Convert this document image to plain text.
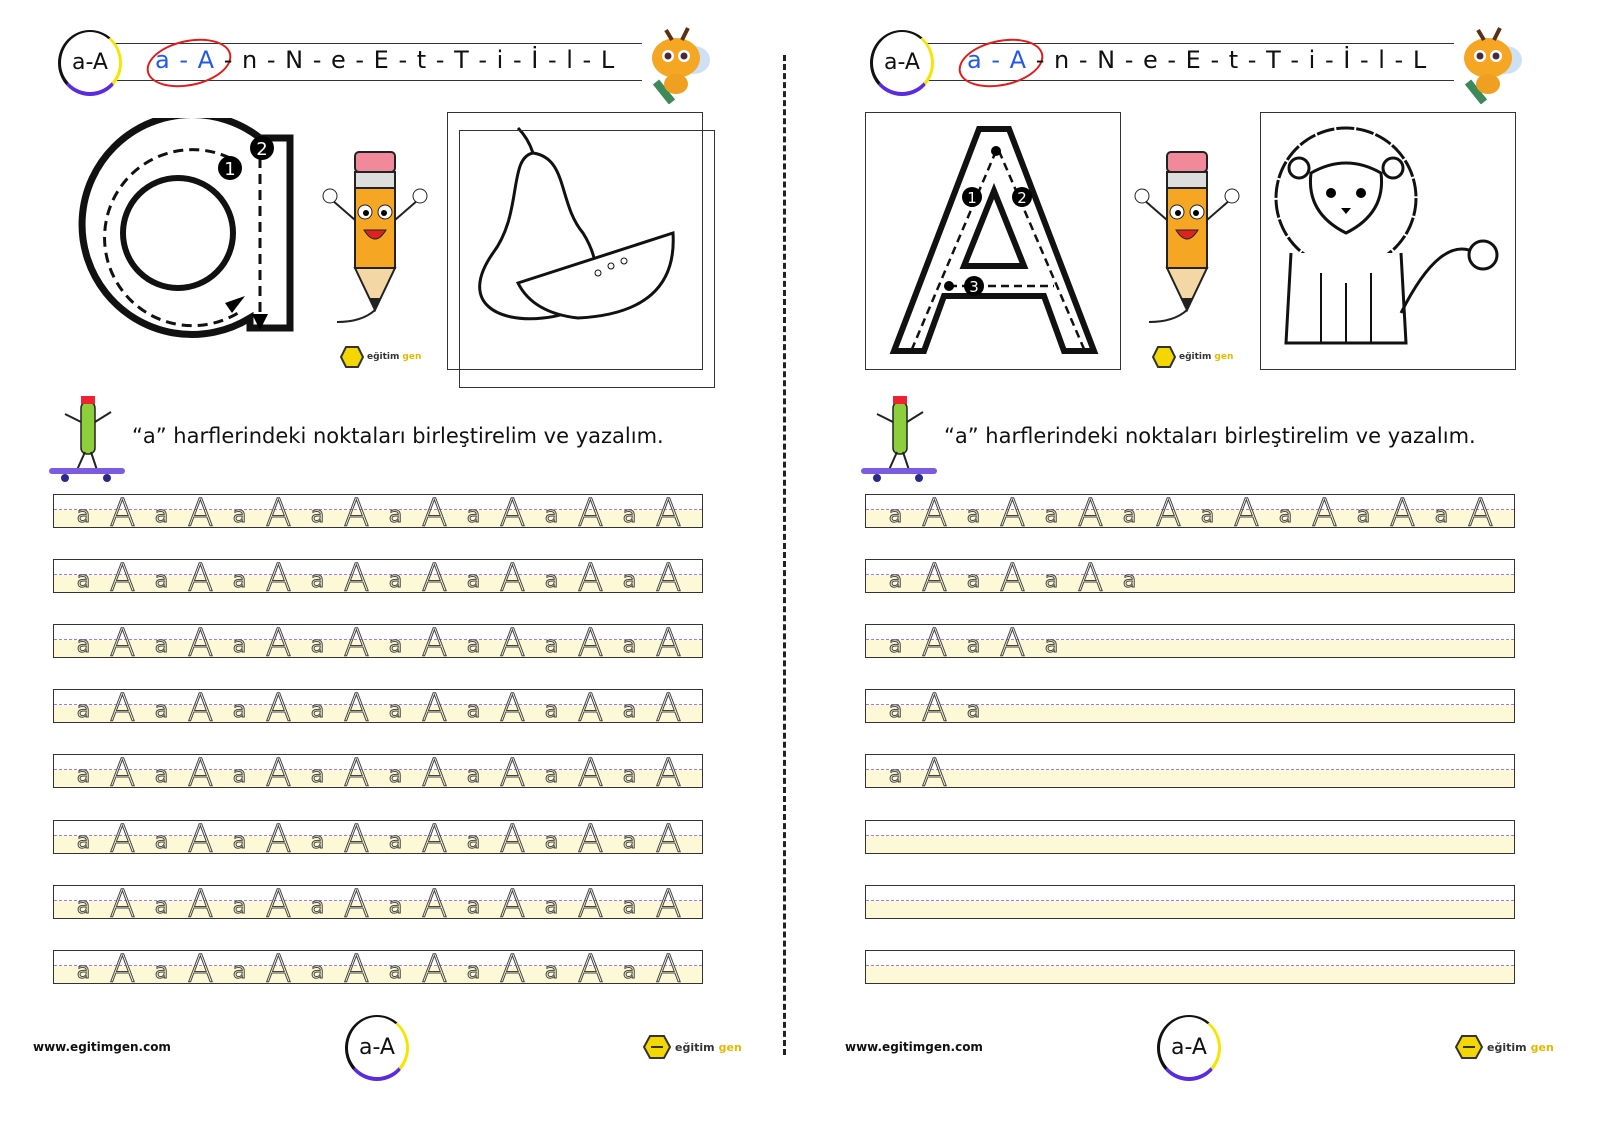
a-A	a - A - n - N - e - E - t - T - i - İ - l - L
1
2
eğitim gen
“a” harflerindeki noktaları birleştirelim ve yazalım.
a A a A a A a A a A a A a A a A
a A a A a A a A a A a A a A a A
a A a A a A a A a A a A a A a A
a A a A a A a A a A a A a A a A
a A a A a A a A a A a A a A a A
a A a A a A a A a A a A a A a A
a A a A a A a A a A a A a A a A
a A a A a A a A a A a A a A a A
www.egitimgen.com	a-A	eğitim gen
a-A	a - A - n - N - e - E - t - T - i - İ - l - L
1	2
3
eğitim gen
“a” harflerindeki noktaları birleştirelim ve yazalım.
a A a A a A a A a A a A a A a A
a A a A a A a
a A a A a
a A a
a A
www.egitimgen.com	a-A	eğitim gen
